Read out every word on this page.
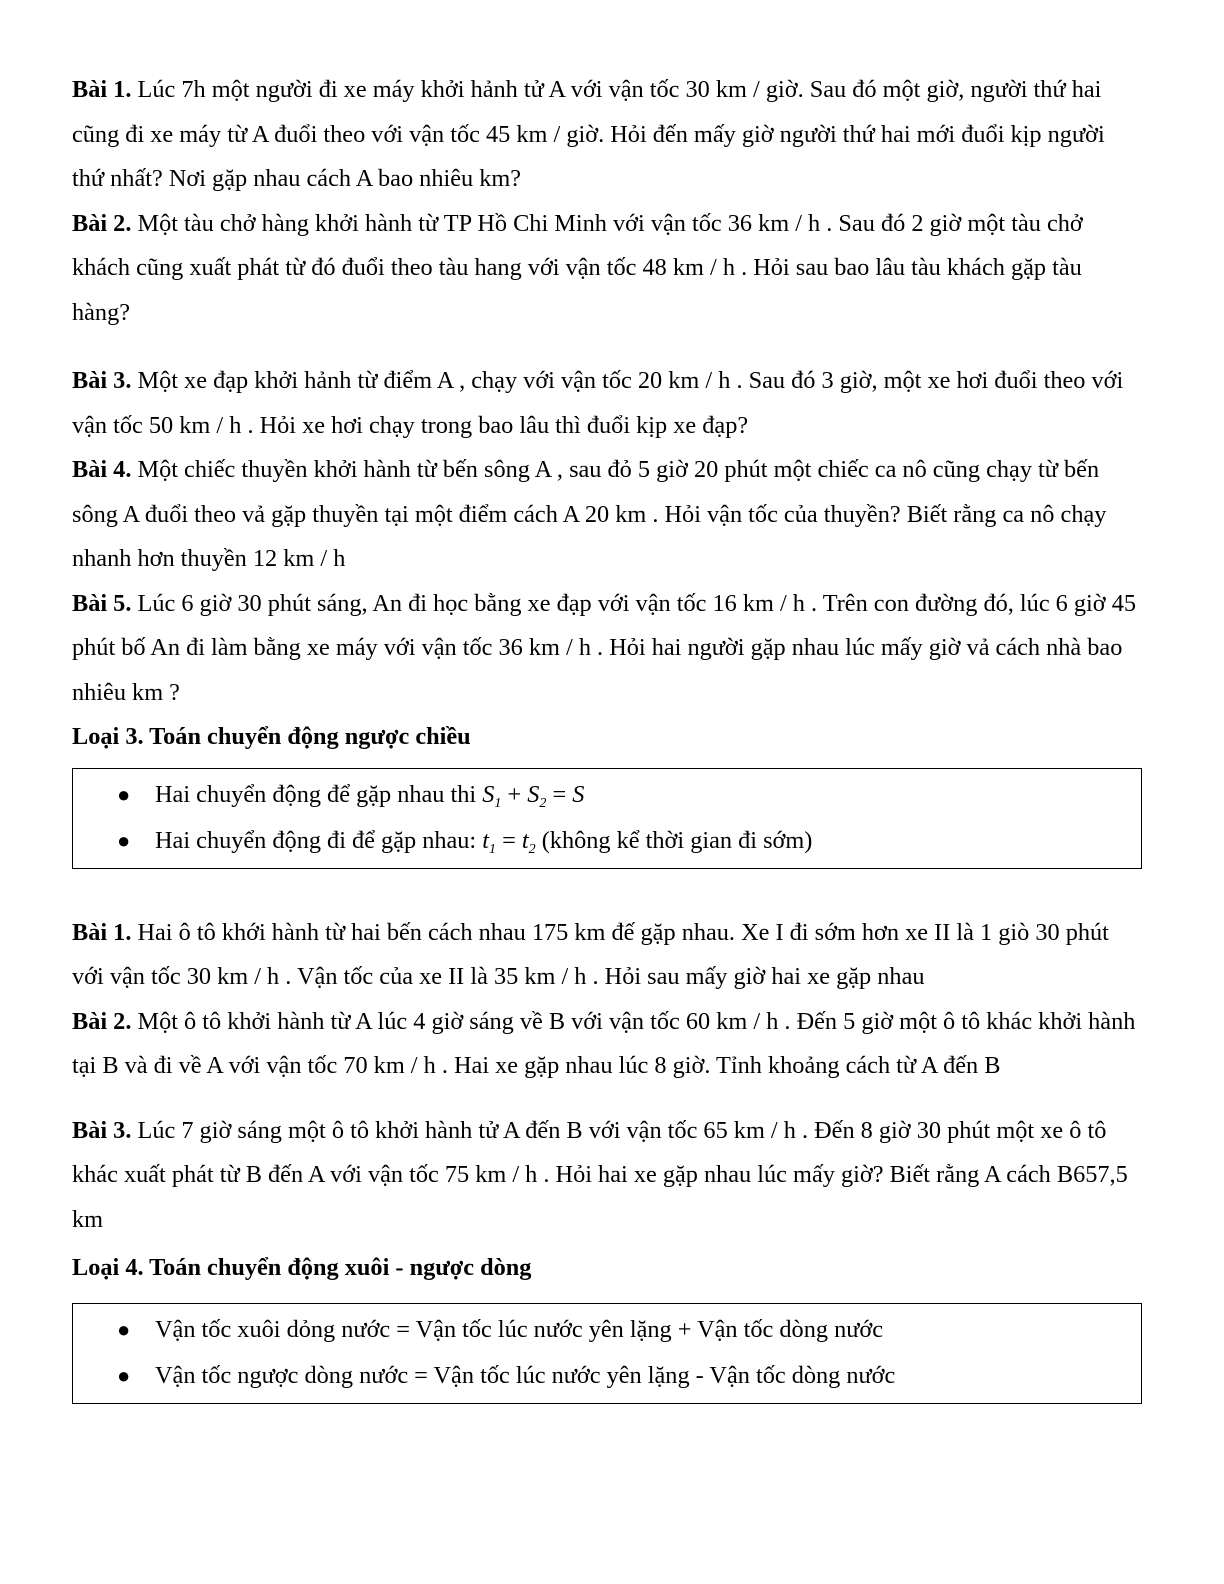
Bài 1. Lúc 7h một người đi xe máy khởi hảnh tử A với vận tốc 30 km / giờ. Sau đó một giờ, người thứ hai cũng đi xe máy từ A đuổi theo với vận tốc 45 km / giờ. Hỏi đến mấy giờ người thứ hai mới đuổi kịp người thứ nhất? Nơi gặp nhau cách A bao nhiêu km?

Bài 2. Một tàu chở hàng khởi hành từ TP Hồ Chi Minh với vận tốc 36 km / h . Sau đó 2 giờ một tàu chở khách cũng xuất phát từ đó đuổi theo tàu hang với vận tốc 48 km / h . Hỏi sau bao lâu tàu khách gặp tàu hàng?

Bài 3. Một xe đạp khởi hảnh từ điểm A , chạy với vận tốc 20 km / h . Sau đó 3 giờ, một xe hơi đuổi theo với vận tốc 50 km / h . Hỏi xe hơi chạy trong bao lâu thì đuổi kịp xe đạp?

Bài 4. Một chiếc thuyền khởi hành từ bến sông A , sau đỏ 5 giờ 20 phút một chiếc ca nô cũng chạy từ bến sông A đuổi theo vả gặp thuyền tại một điểm cách A 20 km . Hỏi vận tốc của thuyền? Biết rằng ca nô chạy nhanh hơn thuyền 12 km / h

Bài 5. Lúc 6 giờ 30 phút sáng, An đi học bằng xe đạp với vận tốc 16 km / h . Trên con đường đó, lúc 6 giờ 45 phút bố An đi làm bằng xe máy với vận tốc 36 km / h . Hỏi hai người gặp nhau lúc mấy giờ vả cách nhà bao nhiêu km ?

Loại 3. Toán chuyển động ngược chiều

● Hai chuyển động để gặp nhau thi $S_1 + S_2 = S$
● Hai chuyển động đi để gặp nhau: $t_1 = t_2$ (không kể thời gian đi sớm)

Bài 1. Hai ô tô khới hành từ hai bến cách nhau 175 km đế gặp nhau. Xe I đi sớm hơn xe II là 1 giò 30 phút với vận tốc 30 km / h . Vận tốc của xe II là 35 km / h . Hỏi sau mấy giờ hai xe gặp nhau

Bài 2. Một ô tô khởi hành từ A lúc 4 giờ sáng về B với vận tốc 60 km / h . Đến 5 giờ một ô tô khác khởi hành tại B và đi về A với vận tốc 70 km / h . Hai xe gặp nhau lúc 8 giờ. Tỉnh khoảng cách từ A đến B

Bài 3. Lúc 7 giờ sáng một ô tô khởi hành tử A đến B với vận tốc 65 km / h . Đến 8 giờ 30 phút một xe ô tô khác xuất phát từ B đến A với vận tốc 75 km / h . Hỏi hai xe gặp nhau lúc mấy giờ? Biết rằng A cách B657,5 km

Loại 4. Toán chuyển động xuôi - ngược dòng

● Vận tốc xuôi dỏng nước = Vận tốc lúc nước yên lặng + Vận tốc dòng nước
● Vận tốc ngược dòng nước = Vận tốc lúc nước yên lặng - Vận tốc dòng nước
